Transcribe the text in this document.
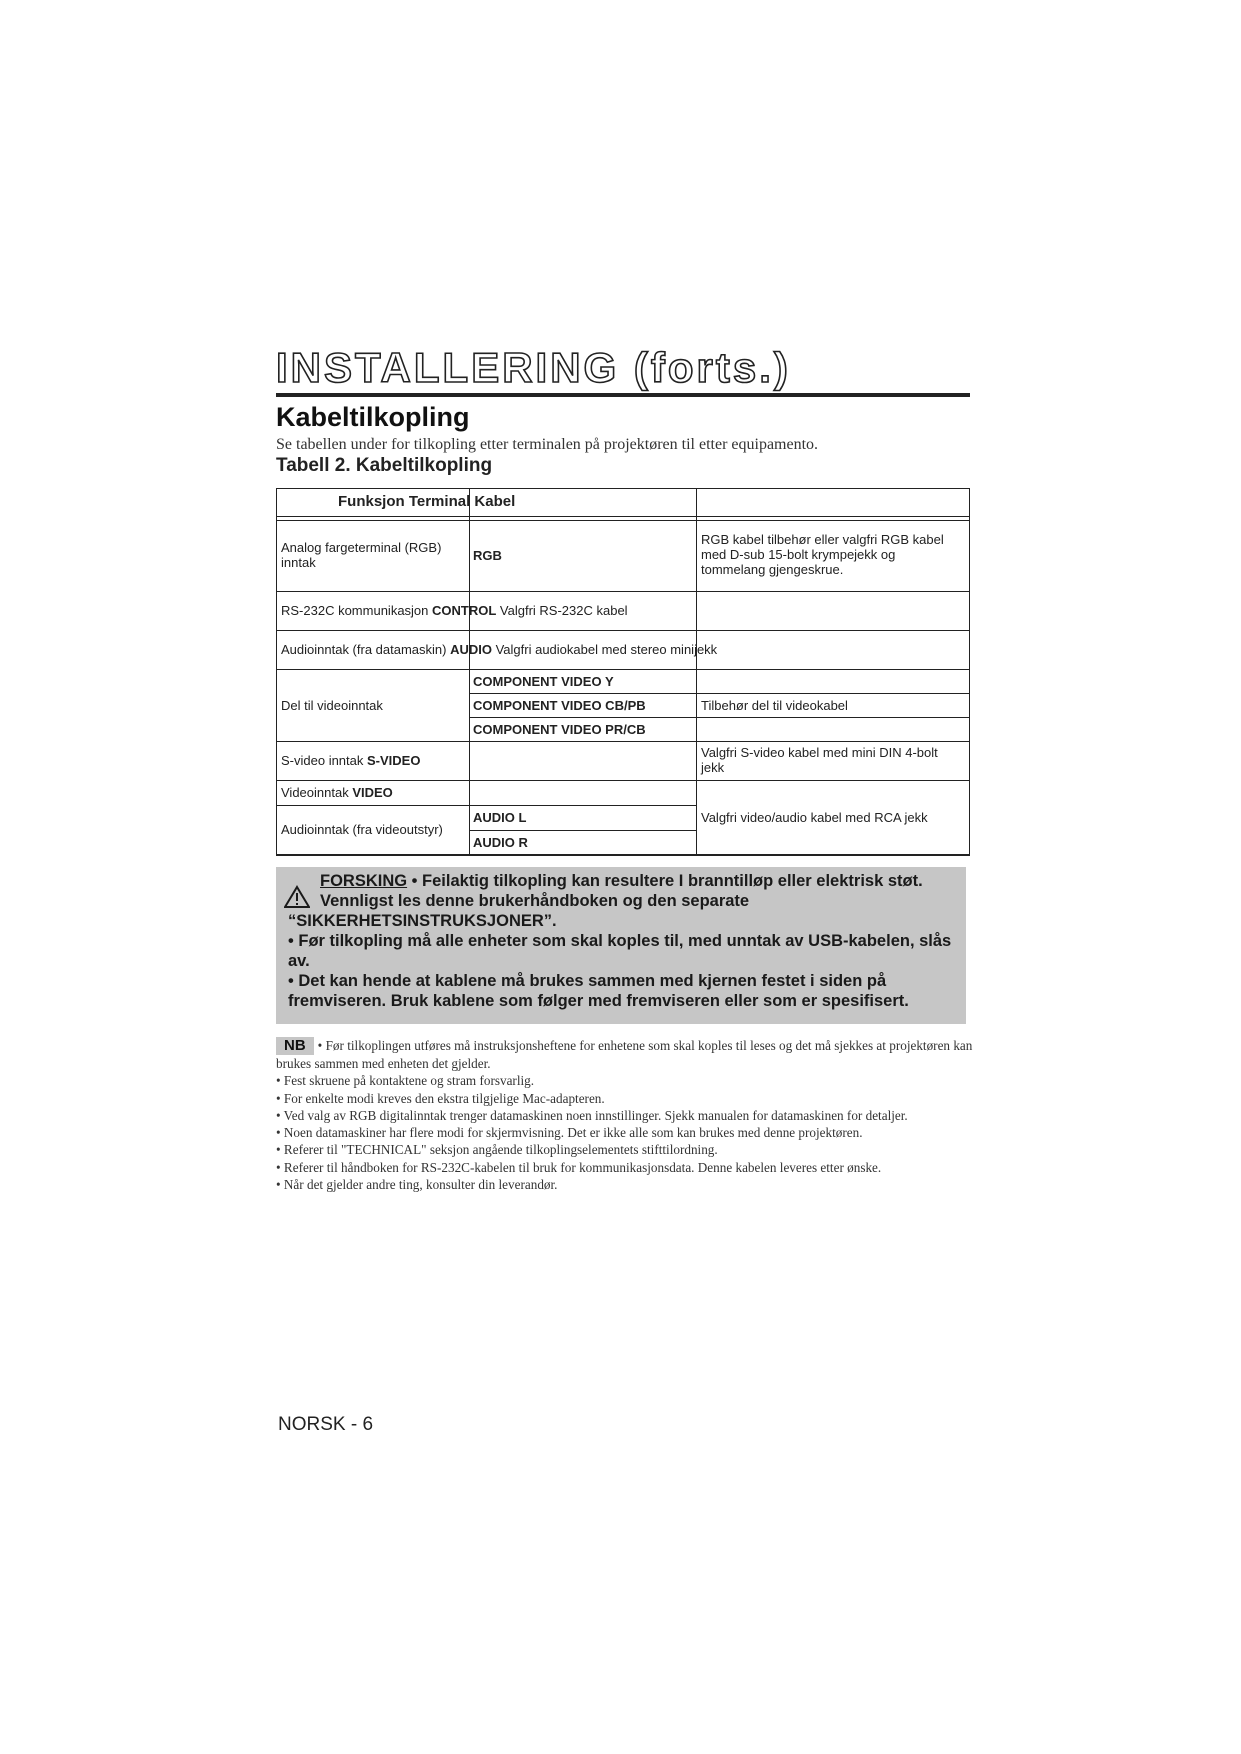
INSTALLERING (forts.)
Kabeltilkopling
Se tabellen under for tilkopling etter terminalen på projektøren til etter equipamento.
Tabell 2. Kabeltilkopling
Funksjon Terminal Kabel
Analog fargeterminal (RGB) inntak	RGB
RGB kabel tilbehør eller valgfri RGB kabel med D-sub 15-bolt krympejekk og tommelang gjengeskrue.
RS-232C kommunikasjon CONTROL Valgfri RS-232C kabel
Audioinntak (fra datamaskin) AUDIO Valgfri audiokabel med stereo minijekk
Del til videoinntak
COMPONENT VIDEO Y
COMPONENT VIDEO CB/PB
COMPONENT VIDEO PR/CB
Tilbehør del til videokabel
S-video inntak S-VIDEO
Valgfri S-video kabel med mini DIN 4-bolt jekk
Videoinntak VIDEO
Audioinntak (fra videoutstyr)
AUDIO L
AUDIO R
Valgfri video/audio kabel med RCA jekk

FORSKING • Feilaktig tilkopling kan resultere I branntilløp eller elektrisk støt.

Vennligst les denne brukerhåndboken og den separate

“SIKKERHETSINSTRUKSJONER”.

• Før tilkopling må alle enheter som skal koples til, med unntak av USB-kabelen, slås av.

• Det kan hende at kablene må brukes sammen med kjernen festet i siden på fremviseren. Bruk kablene som følger med fremviseren eller som er spesifisert.

NB • Før tilkoplingen utføres må instruksjonsheftene for enhetene som skal koples til leses og det må sjekkes at projektøren kan brukes sammen med enheten det gjelder.

• Fest skruene på kontaktene og stram forsvarlig.

• For enkelte modi kreves den ekstra tilgjelige Mac-adapteren.

• Ved valg av RGB digitalinntak trenger datamaskinen noen innstillinger. Sjekk manualen for datamaskinen for detaljer.

• Noen datamaskiner har flere modi for skjermvisning. Det er ikke alle som kan brukes med denne projektøren.

• Referer til "TECHNICAL" seksjon angående tilkoplingselementets stifttilordning.

• Referer til håndboken for RS-232C-kabelen til bruk for kommunikasjonsdata. Denne kabelen leveres etter ønske.

• Når det gjelder andre ting, konsulter din leverandør.

NORSK - 6
